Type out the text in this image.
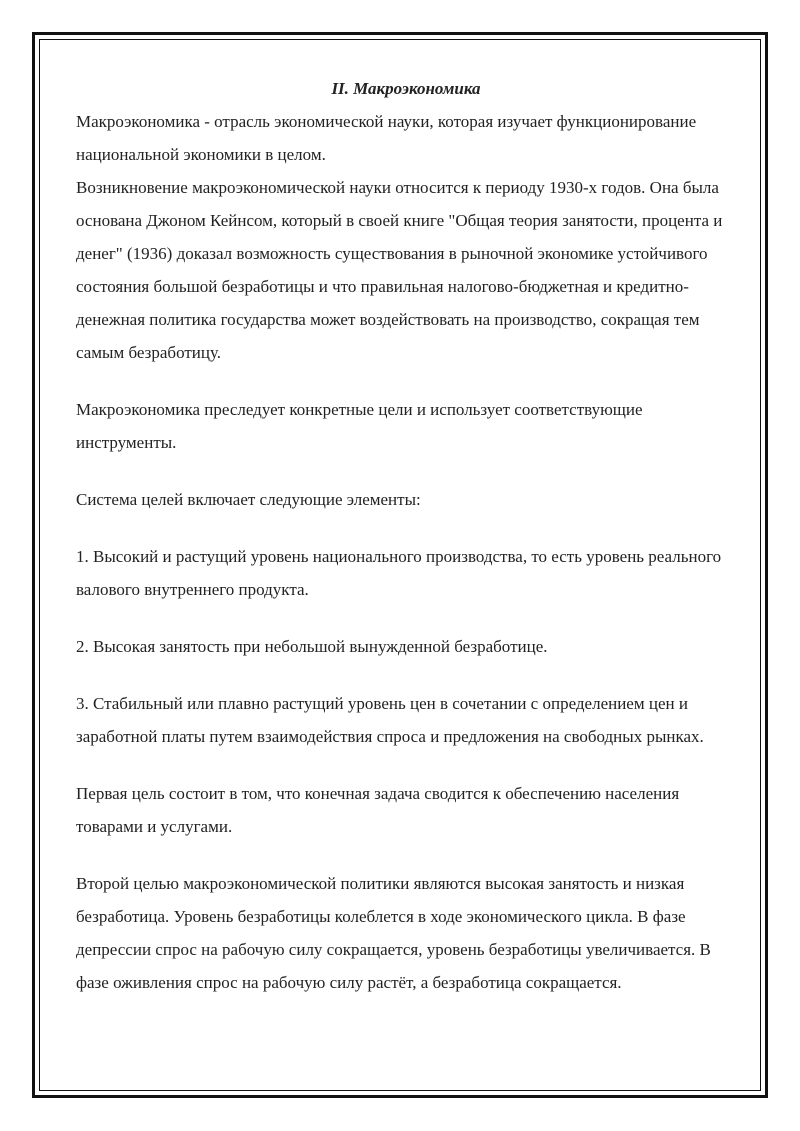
II. Макроэкономика

Макроэкономика - отрасль экономической науки, которая изучает функционирование национальной экономики в целом.

Возникновение макроэкономической науки относится к периоду 1930-х годов. Она была основана Джоном Кейнсом, который в своей книге "Общая теория занятости, процента и денег" (1936) доказал возможность существования в рыночной экономике устойчивого состояния большой безработицы и что правильная налогово-бюджетная и кредитно-денежная политика государства может воздействовать на производство, сокращая тем самым безработицу.

Макроэкономика преследует конкретные цели и использует соответствующие инструменты.

Система целей включает следующие элементы:

1. Высокий и растущий уровень национального производства, то есть уровень реального валового внутреннего продукта.

2. Высокая занятость при небольшой вынужденной безработице.

3. Стабильный или плавно растущий уровень цен в сочетании с определением цен и заработной платы путем взаимодействия спроса и предложения на свободных рынках.

Первая цель состоит в том, что конечная задача сводится к обеспечению населения товарами и услугами.

Второй целью макроэкономической политики являются высокая занятость и низкая безработица. Уровень безработицы колеблется в ходе экономического цикла. В фазе депрессии спрос на рабочую силу сокращается, уровень безработицы увеличивается. В фазе оживления спрос на рабочую силу растёт, а безработица сокращается.
